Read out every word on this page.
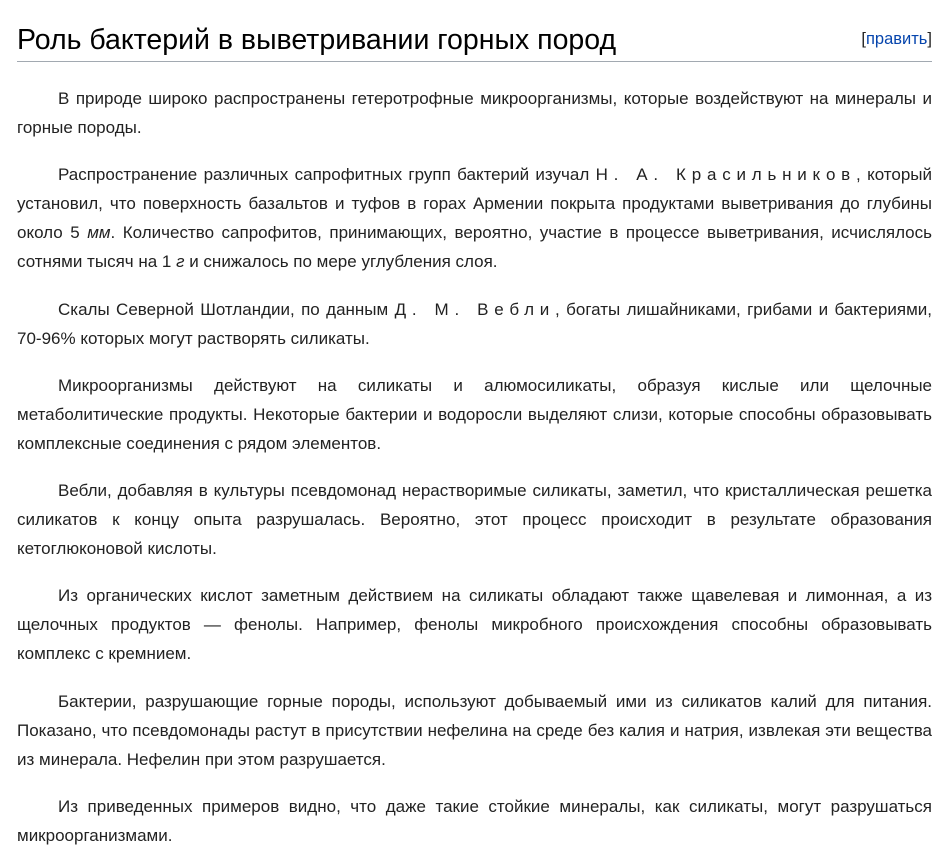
Роль бактерий в выветривании горных пород	[править]

В природе широко распространены гетеротрофные микроорганизмы, которые воздействуют на минералы и горные породы.

Распространение различных сапрофитных групп бактерий изучал Н. А. Красильников, который установил, что поверхность базальтов и туфов в горах Армении покрыта продуктами выветривания до глубины около 5 мм. Количество сапрофитов, принимающих, вероятно, участие в процессе выветривания, исчислялось сотнями тысяч на 1 г и снижалось по мере углубления слоя.

Скалы Северной Шотландии, по данным Д. М. Вебли, богаты лишайниками, грибами и бактериями, 70-96% которых могут растворять силикаты.

Микроорганизмы действуют на силикаты и алюмосиликаты, образуя кислые или щелочные метаболитические продукты. Некоторые бактерии и водоросли выделяют слизи, которые способны образовывать комплексные соединения с рядом элементов.

Вебли, добавляя в культуры псевдомонад нерастворимые силикаты, заметил, что кристаллическая решетка силикатов к концу опыта разрушалась. Вероятно, этот процесс происходит в результате образования кетоглюконовой кислоты.

Из органических кислот заметным действием на силикаты обладают также щавелевая и лимонная, а из щелочных продуктов — фенолы. Например, фенолы микробного происхождения способны образовывать комплекс с кремнием.

Бактерии, разрушающие горные породы, используют добываемый ими из силикатов калий для питания. Показано, что псевдомонады растут в присутствии нефелина на среде без калия и натрия, извлекая эти вещества из минерала. Нефелин при этом разрушается.

Из приведенных примеров видно, что даже такие стойкие минералы, как силикаты, могут разрушаться микроорганизмами.
